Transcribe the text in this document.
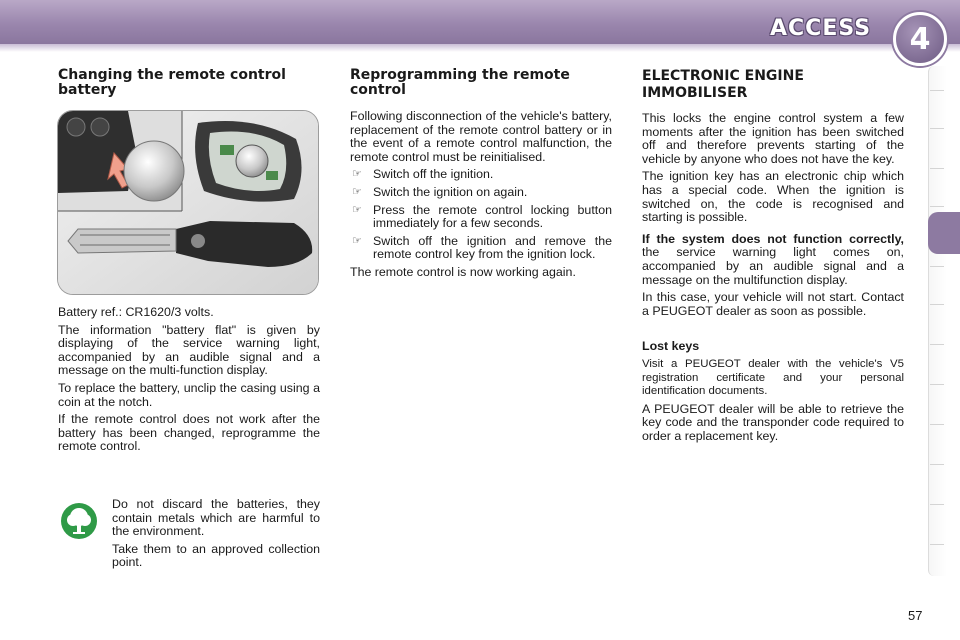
ACCESS	4
Changing the remote control battery

Battery ref.: CR1620/3 volts.

The information "battery flat" is given by displaying of the service warning light, accompanied by an audible signal and a message on the multi-function display.

To replace the battery, unclip the casing using a coin at the notch.

If the remote control does not work after the battery has been changed, reprogramme the remote control.

Do not discard the batteries, they contain metals which are harmful to the environment.

Take them to an approved collection point.

Reprogramming the remote control

Following disconnection of the vehicle's battery, replacement of the remote control battery or in the event of a remote control malfunction, the remote control must be reinitialised.

☞ Switch off the ignition.
☞ Switch the ignition on again.
☞ Press the remote control locking button immediately for a few seconds.
☞ Switch off the ignition and remove the remote control key from the ignition lock.

The remote control is now working again.

ELECTRONIC ENGINE IMMOBILISER

This locks the engine control system a few moments after the ignition has been switched off and therefore prevents starting of the vehicle by anyone who does not have the key.

The ignition key has an electronic chip which has a special code. When the ignition is switched on, the code is recognised and starting is possible.

If the system does not function correctly, the service warning light comes on, accompanied by an audible signal and a message on the multifunction display.

In this case, your vehicle will not start. Contact a PEUGEOT dealer as soon as possible.

Lost keys

Visit a PEUGEOT dealer with the vehicle's V5 registration certificate and your personal identification documents.

A PEUGEOT dealer will be able to retrieve the key code and the transponder code required to order a replacement key.

57
